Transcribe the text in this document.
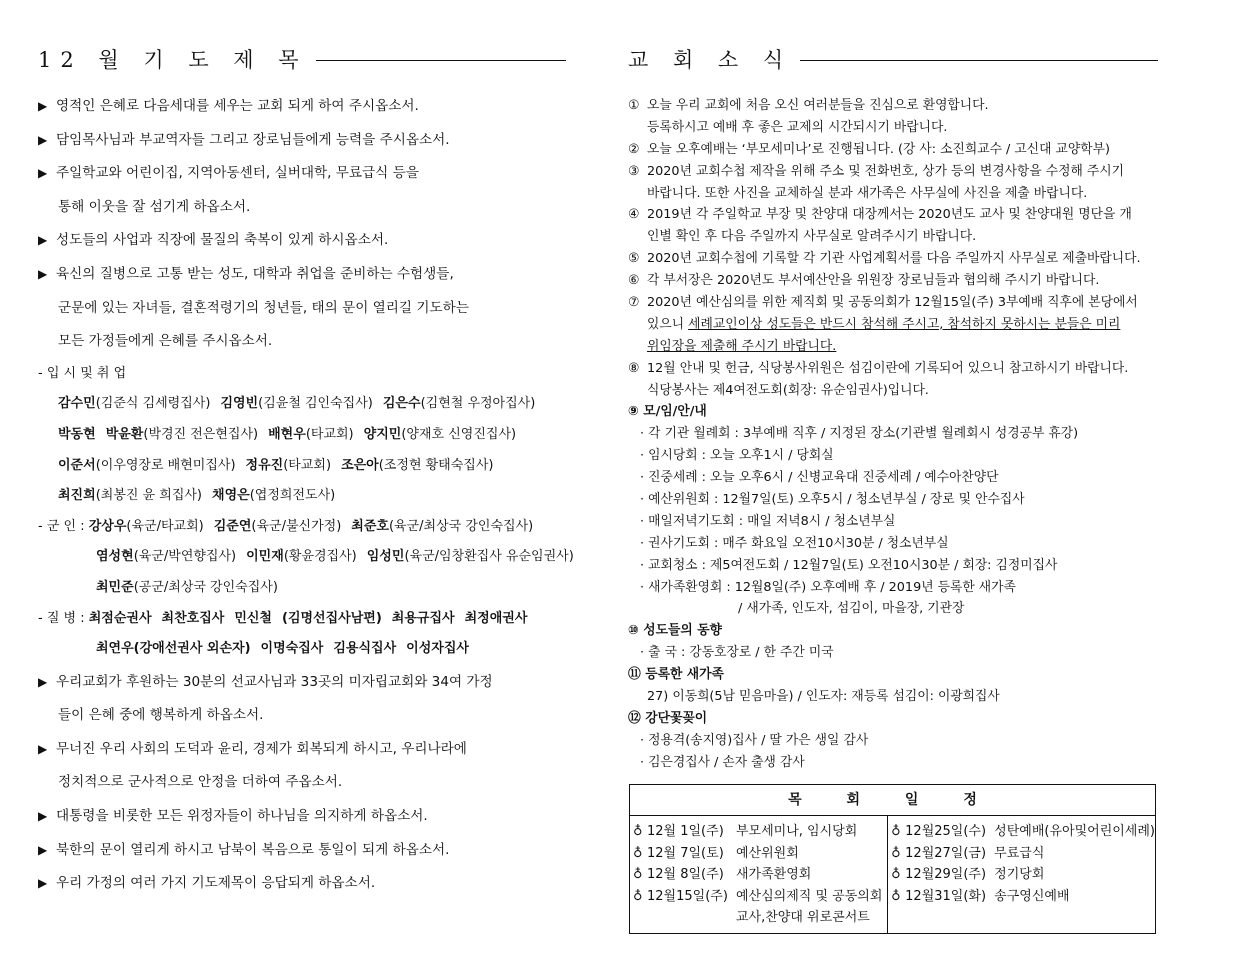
12 월 기 도 제 목
▶ 영적인 은혜로 다음세대를 세우는 교회 되게 하여 주시옵소서.
▶ 담임목사님과 부교역자들 그리고 장로님들에게 능력을 주시옵소서.
▶ 주일학교와 어린이집, 지역아동센터, 실버대학, 무료급식 등을
통해 이웃을 잘 섬기게 하옵소서.
▶ 성도들의 사업과 직장에 물질의 축복이 있게 하시옵소서.
▶ 육신의 질병으로 고통 받는 성도, 대학과 취업을 준비하는 수험생들,
군문에 있는 자녀들, 결혼적령기의 청년들, 태의 문이 열리길 기도하는
모든 가정들에게 은혜를 주시옵소서.
- 입 시 및 취 업
감수민(김준식 김세령집사) 김영빈(김윤철 김인숙집사) 김은수(김현철 우정아집사)
박동현 박윤환(박경진 전은현집사) 배현우(타교회) 양지민(양재호 신영진집사)
이준서(이우영장로 배현미집사) 정유진(타교회) 조은아(조정현 황태숙집사)
최진희(최봉진 윤 희집사) 채영은(엽정희전도사)
- 군 인 : 강상우(육군/타교회) 김준연(육군/불신가정) 최준호(육군/최상국 강인숙집사)
염성현(육군/박연향집사) 이민재(황윤경집사) 임성민(육군/임창환집사 유순임권사)
최민준(공군/최상국 강인숙집사)
- 질 병 : 최점순권사 최찬호집사 민신철 (김명선집사남편) 최용규집사 최정애권사
최연우(강애선권사 외손자) 이명숙집사 김용식집사 이성자집사
▶ 우리교회가 후원하는 30분의 선교사님과 33곳의 미자립교회와 34여 가정
들이 은혜 중에 행복하게 하옵소서.
▶ 무너진 우리 사회의 도덕과 윤리, 경제가 회복되게 하시고, 우리나라에
정치적으로 군사적으로 안정을 더하여 주옵소서.
▶ 대통령을 비롯한 모든 위정자들이 하나님을 의지하게 하옵소서.
▶ 북한의 문이 열리게 하시고 남북이 복음으로 통일이 되게 하옵소서.
▶ 우리 가정의 여러 가지 기도제목이 응답되게 하옵소서.
교 회 소 식
① 오늘 우리 교회에 처음 오신 여러분들을 진심으로 환영합니다.
등록하시고 예배 후 좋은 교제의 시간되시기 바랍니다.
② 오늘 오후예배는 ‘부모세미나’로 진행됩니다. (강 사: 소진희교수 / 고신대 교양학부)
③ 2020년 교회수첩 제작을 위해 주소 및 전화번호, 상가 등의 변경사항을 수정해 주시기
바랍니다. 또한 사진을 교체하실 분과 새가족은 사무실에 사진을 제출 바랍니다.
④ 2019년 각 주일학교 부장 및 찬양대 대장께서는 2020년도 교사 및 찬양대원 명단을 개
인별 확인 후 다음 주일까지 사무실로 알려주시기 바랍니다.
⑤ 2020년 교회수첩에 기록할 각 기관 사업계획서를 다음 주일까지 사무실로 제출바랍니다.
⑥ 각 부서장은 2020년도 부서예산안을 위원장 장로님들과 협의해 주시기 바랍니다.
⑦ 2020년 예산심의를 위한 제직회 및 공동의회가 12월15일(주) 3부예배 직후에 본당에서
있으니 세례교인이상 성도들은 반드시 참석해 주시고, 참석하지 못하시는 분들은 미리
위임장을 제출해 주시기 바랍니다.
⑧ 12월 안내 및 헌금, 식당봉사위원은 섬김이란에 기록되어 있으니 참고하시기 바랍니다.
식당봉사는 제4여전도회(회장: 유순임권사)입니다.
⑨ 모/임/안/내
· 각 기관 월례회 : 3부예배 직후 / 지정된 장소(기관별 월례회시 성경공부 휴강)
· 임시당회 : 오늘 오후1시 / 당회실
· 진중세례 : 오늘 오후6시 / 신병교육대 진중세례 / 예수아찬양단
· 예산위원회 : 12월7일(토) 오후5시 / 청소년부실 / 장로 및 안수집사
· 매일저녁기도회 : 매일 저녁8시 / 청소년부실
· 권사기도회 : 매주 화요일 오전10시30분 / 청소년부실
· 교회청소 : 제5여전도회 / 12월7일(토) 오전10시30분 / 회장: 김정미집사
· 새가족환영회 : 12월8일(주) 오후예배 후 / 2019년 등록한 새가족
/ 새가족, 인도자, 섬김이, 마을장, 기관장
⑩ 성도들의 동향
· 출 국 : 강동호장로 / 한 주간 미국
⑪ 등록한 새가족
27) 이동희(5남 믿음마을) / 인도자: 재등록 섬김이: 이광희집사
⑫ 강단꽃꽂이
· 정용격(송지영)집사 / 딸 가은 생일 감사
· 김은경집사 / 손자 출생 감사
목 회 일 정

♁ 12월 1일(주) 부모세미나, 임시당회
♁ 12월 7일(토) 예산위원회
♁ 12월 8일(주) 새가족환영회
♁ 12월15일(주) 예산심의제직 및 공동의회
교사,찬양대 위로콘서트

♁ 12월25일(수) 성탄예배(유아및어린이세례)
♁ 12월27일(금) 무료급식
♁ 12월29일(주) 정기당회
♁ 12월31일(화) 송구영신예배
